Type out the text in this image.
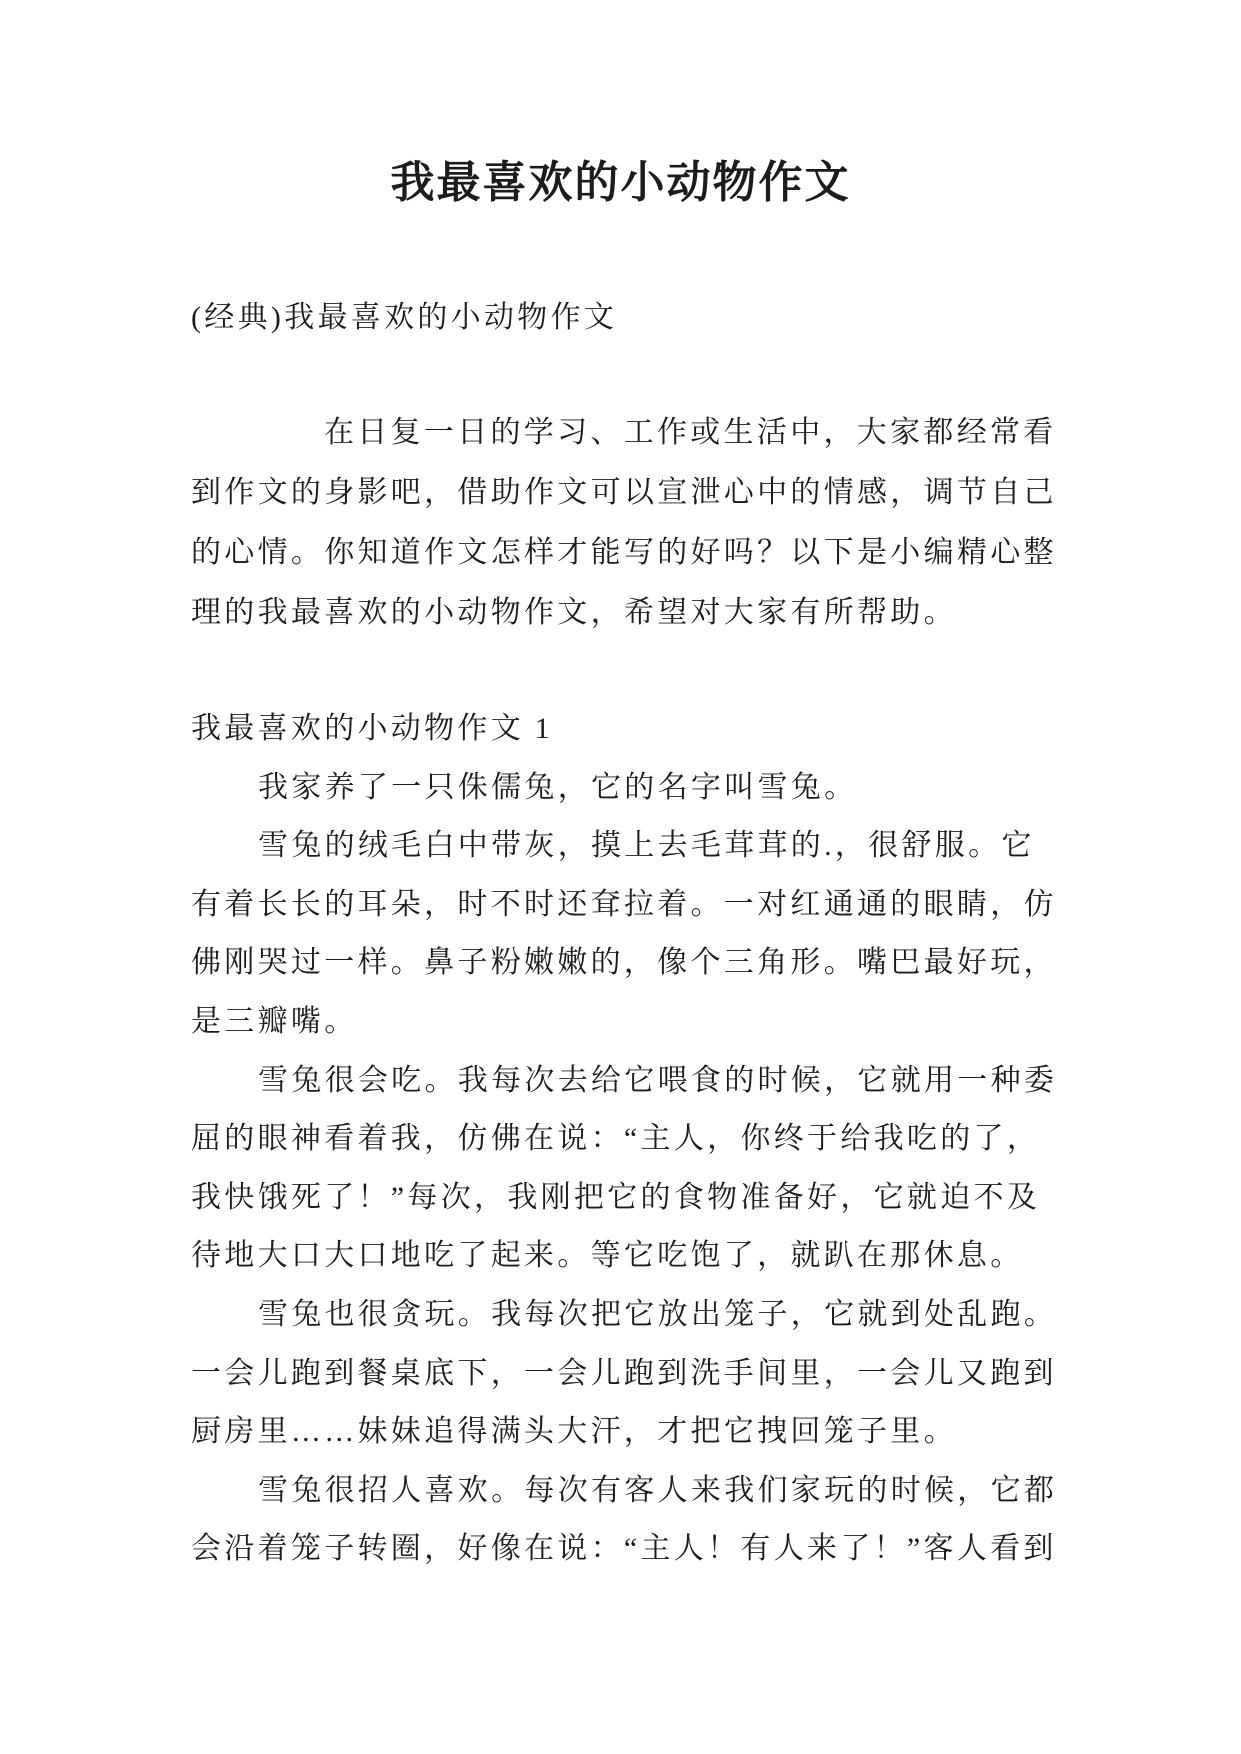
我最喜欢的小动物作文
(经典)我最喜欢的小动物作文
在日复一日的学习、工作或生活中，大家都经常看
到作文的身影吧，借助作文可以宣泄心中的情感，调节自己
的心情。你知道作文怎样才能写的好吗？以下是小编精心整
理的我最喜欢的小动物作文，希望对大家有所帮助。
我最喜欢的小动物作文 1
我家养了一只侏儒兔，它的名字叫雪兔。
雪兔的绒毛白中带灰，摸上去毛茸茸的.，很舒服。它
有着长长的耳朵，时不时还耷拉着。一对红通通的眼睛，仿
佛刚哭过一样。鼻子粉嫩嫩的，像个三角形。嘴巴最好玩，
是三瓣嘴。
雪兔很会吃。我每次去给它喂食的时候，它就用一种委
屈的眼神看着我，仿佛在说：“主人，你终于给我吃的了，
我快饿死了！”每次，我刚把它的食物准备好，它就迫不及
待地大口大口地吃了起来。等它吃饱了，就趴在那休息。
雪兔也很贪玩。我每次把它放出笼子，它就到处乱跑。
一会儿跑到餐桌底下，一会儿跑到洗手间里，一会儿又跑到
厨房里……妹妹追得满头大汗，才把它拽回笼子里。
雪兔很招人喜欢。每次有客人来我们家玩的时候，它都
会沿着笼子转圈，好像在说：“主人！有人来了！”客人看到
